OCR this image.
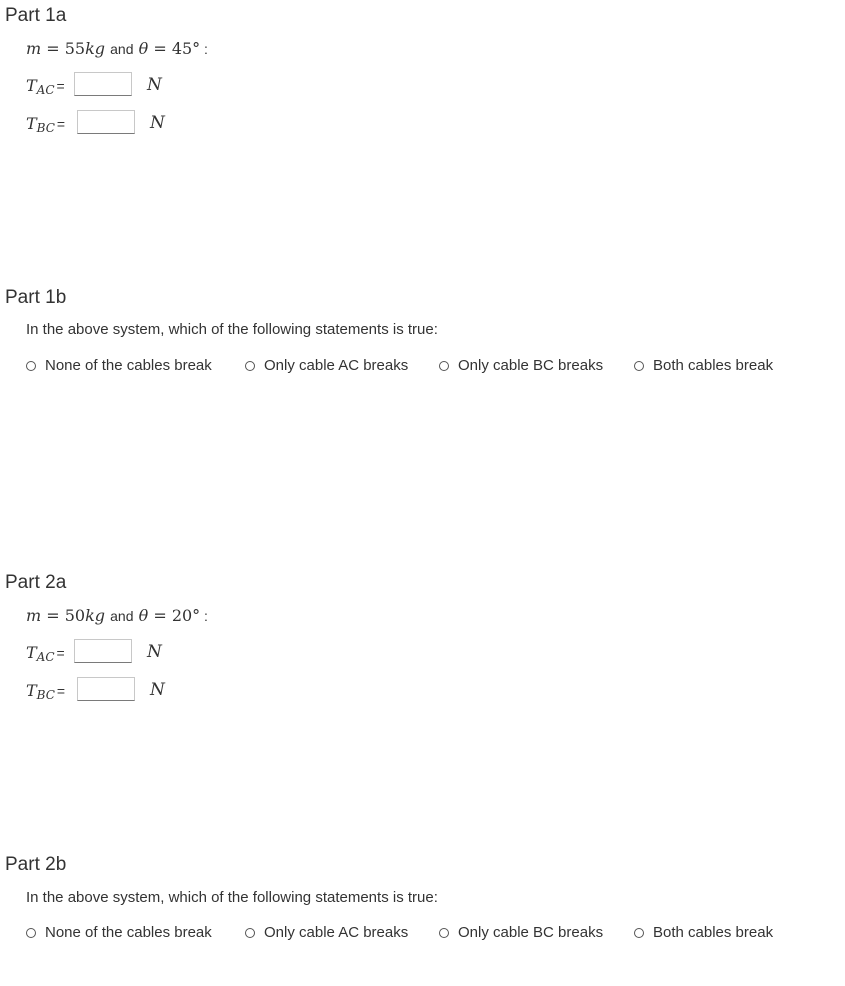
Part 1a
m = 55kg and θ = 45° :
$T_{AC}$ =	N
$T_{BC}$ =	N
Part 1b

In the above system, which of the following statements is true:

None of the cables break	Only cable AC breaks	Only cable BC breaks	Both cables break
Part 2a
m = 50kg and θ = 20° :
$T_{AC}$ =	N
$T_{BC}$ =	N
Part 2b

In the above system, which of the following statements is true:

None of the cables break	Only cable AC breaks	Only cable BC breaks	Both cables break
